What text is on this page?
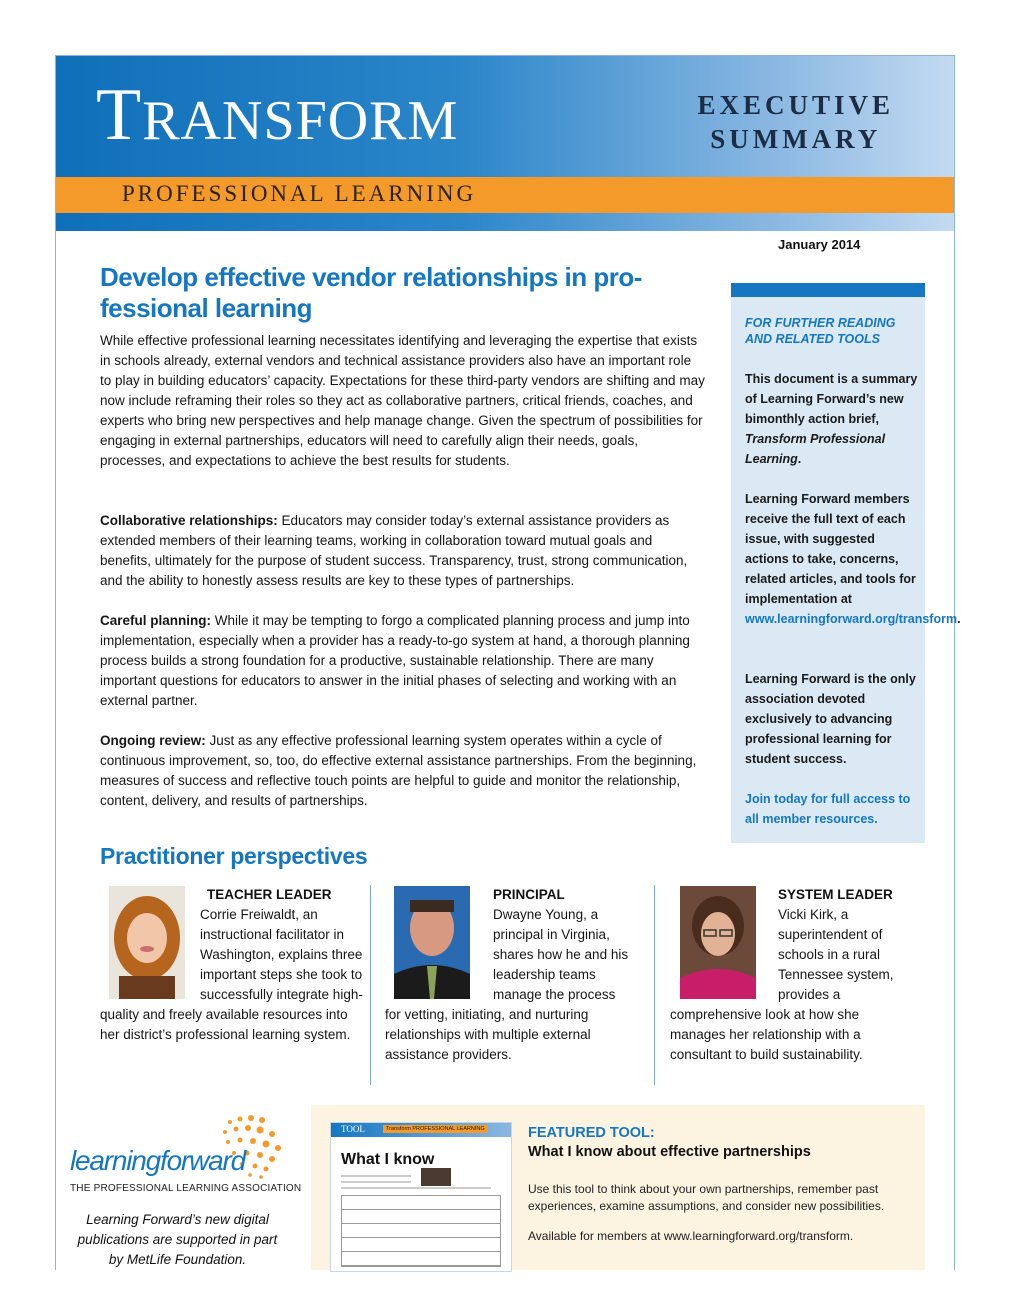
TRANSFORM	EXECUTIVE
SUMMARY
PROFESSIONAL LEARNING
January 2014
Develop effective vendor relationships in pro-fessional learning
While effective professional learning necessitates identifying and leveraging the expertise that exists in schools already, external vendors and technical assistance providers also have an important role to play in building educators’ capacity. Expectations for these third-party vendors are shifting and may now include reframing their roles so they act as collaborative partners, critical friends, coaches, and experts who bring new perspectives and help manage change. Given the spectrum of possibilities for engaging in external partnerships, educators will need to carefully align their needs, goals, processes, and expectations to achieve the best results for students.
Collaborative relationships: Educators may consider today’s external assistance providers as extended members of their learning teams, working in collaboration toward mutual goals and benefits, ultimately for the purpose of student success. Transparency, trust, strong communication, and the ability to honestly assess results are key to these types of partnerships.
Careful planning: While it may be tempting to forgo a complicated planning process and jump into implementation, especially when a provider has a ready-to-go system at hand, a thorough planning process builds a strong foundation for a productive, sustainable relationship. There are many important questions for educators to answer in the initial phases of selecting and working with an external partner.
Ongoing review: Just as any effective professional learning system operates within a cycle of continuous improvement, so, too, do effective external assistance partnerships. From the beginning, measures of success and reflective touch points are helpful to guide and monitor the relationship, content, delivery, and results of partnerships.
FOR FURTHER READING AND RELATED TOOLS
This document is a summary of Learning Forward’s new bimonthly action brief, Transform Professional Learning.
Learning Forward members receive the full text of each issue, with suggested actions to take, concerns, related articles, and tools for implementation at www.learningforward.org/transform.
Learning Forward is the only association devoted exclusively to advancing professional learning for student success.
Join today for full access to all member resources.
Practitioner perspectives
TEACHER LEADER
Corrie Freiwaldt, an instructional facilitator in Washington, explains three important steps she took to successfully integrate high-quality and freely available resources into her district’s professional learning system.
PRINCIPAL
Dwayne Young, a principal in Virginia, shares how he and his leadership teams manage the process for vetting, initiating, and nurturing relationships with multiple external assistance providers.
SYSTEM LEADER
Vicki Kirk, a superintendent of schools in a rural Tennessee system, provides a comprehensive look at how she manages her relationship with a consultant to build sustainability.
learningforward
THE PROFESSIONAL LEARNING ASSOCIATION
Learning Forward’s new digital publications are supported in part by MetLife Foundation.
TOOL	Transform PROFESSIONAL LEARNING
What I know
FEATURED TOOL:
What I know about effective partnerships
Use this tool to think about your own partnerships, remember past experiences, examine assumptions, and consider new possibilities.
Available for members at www.learningforward.org/transform.
